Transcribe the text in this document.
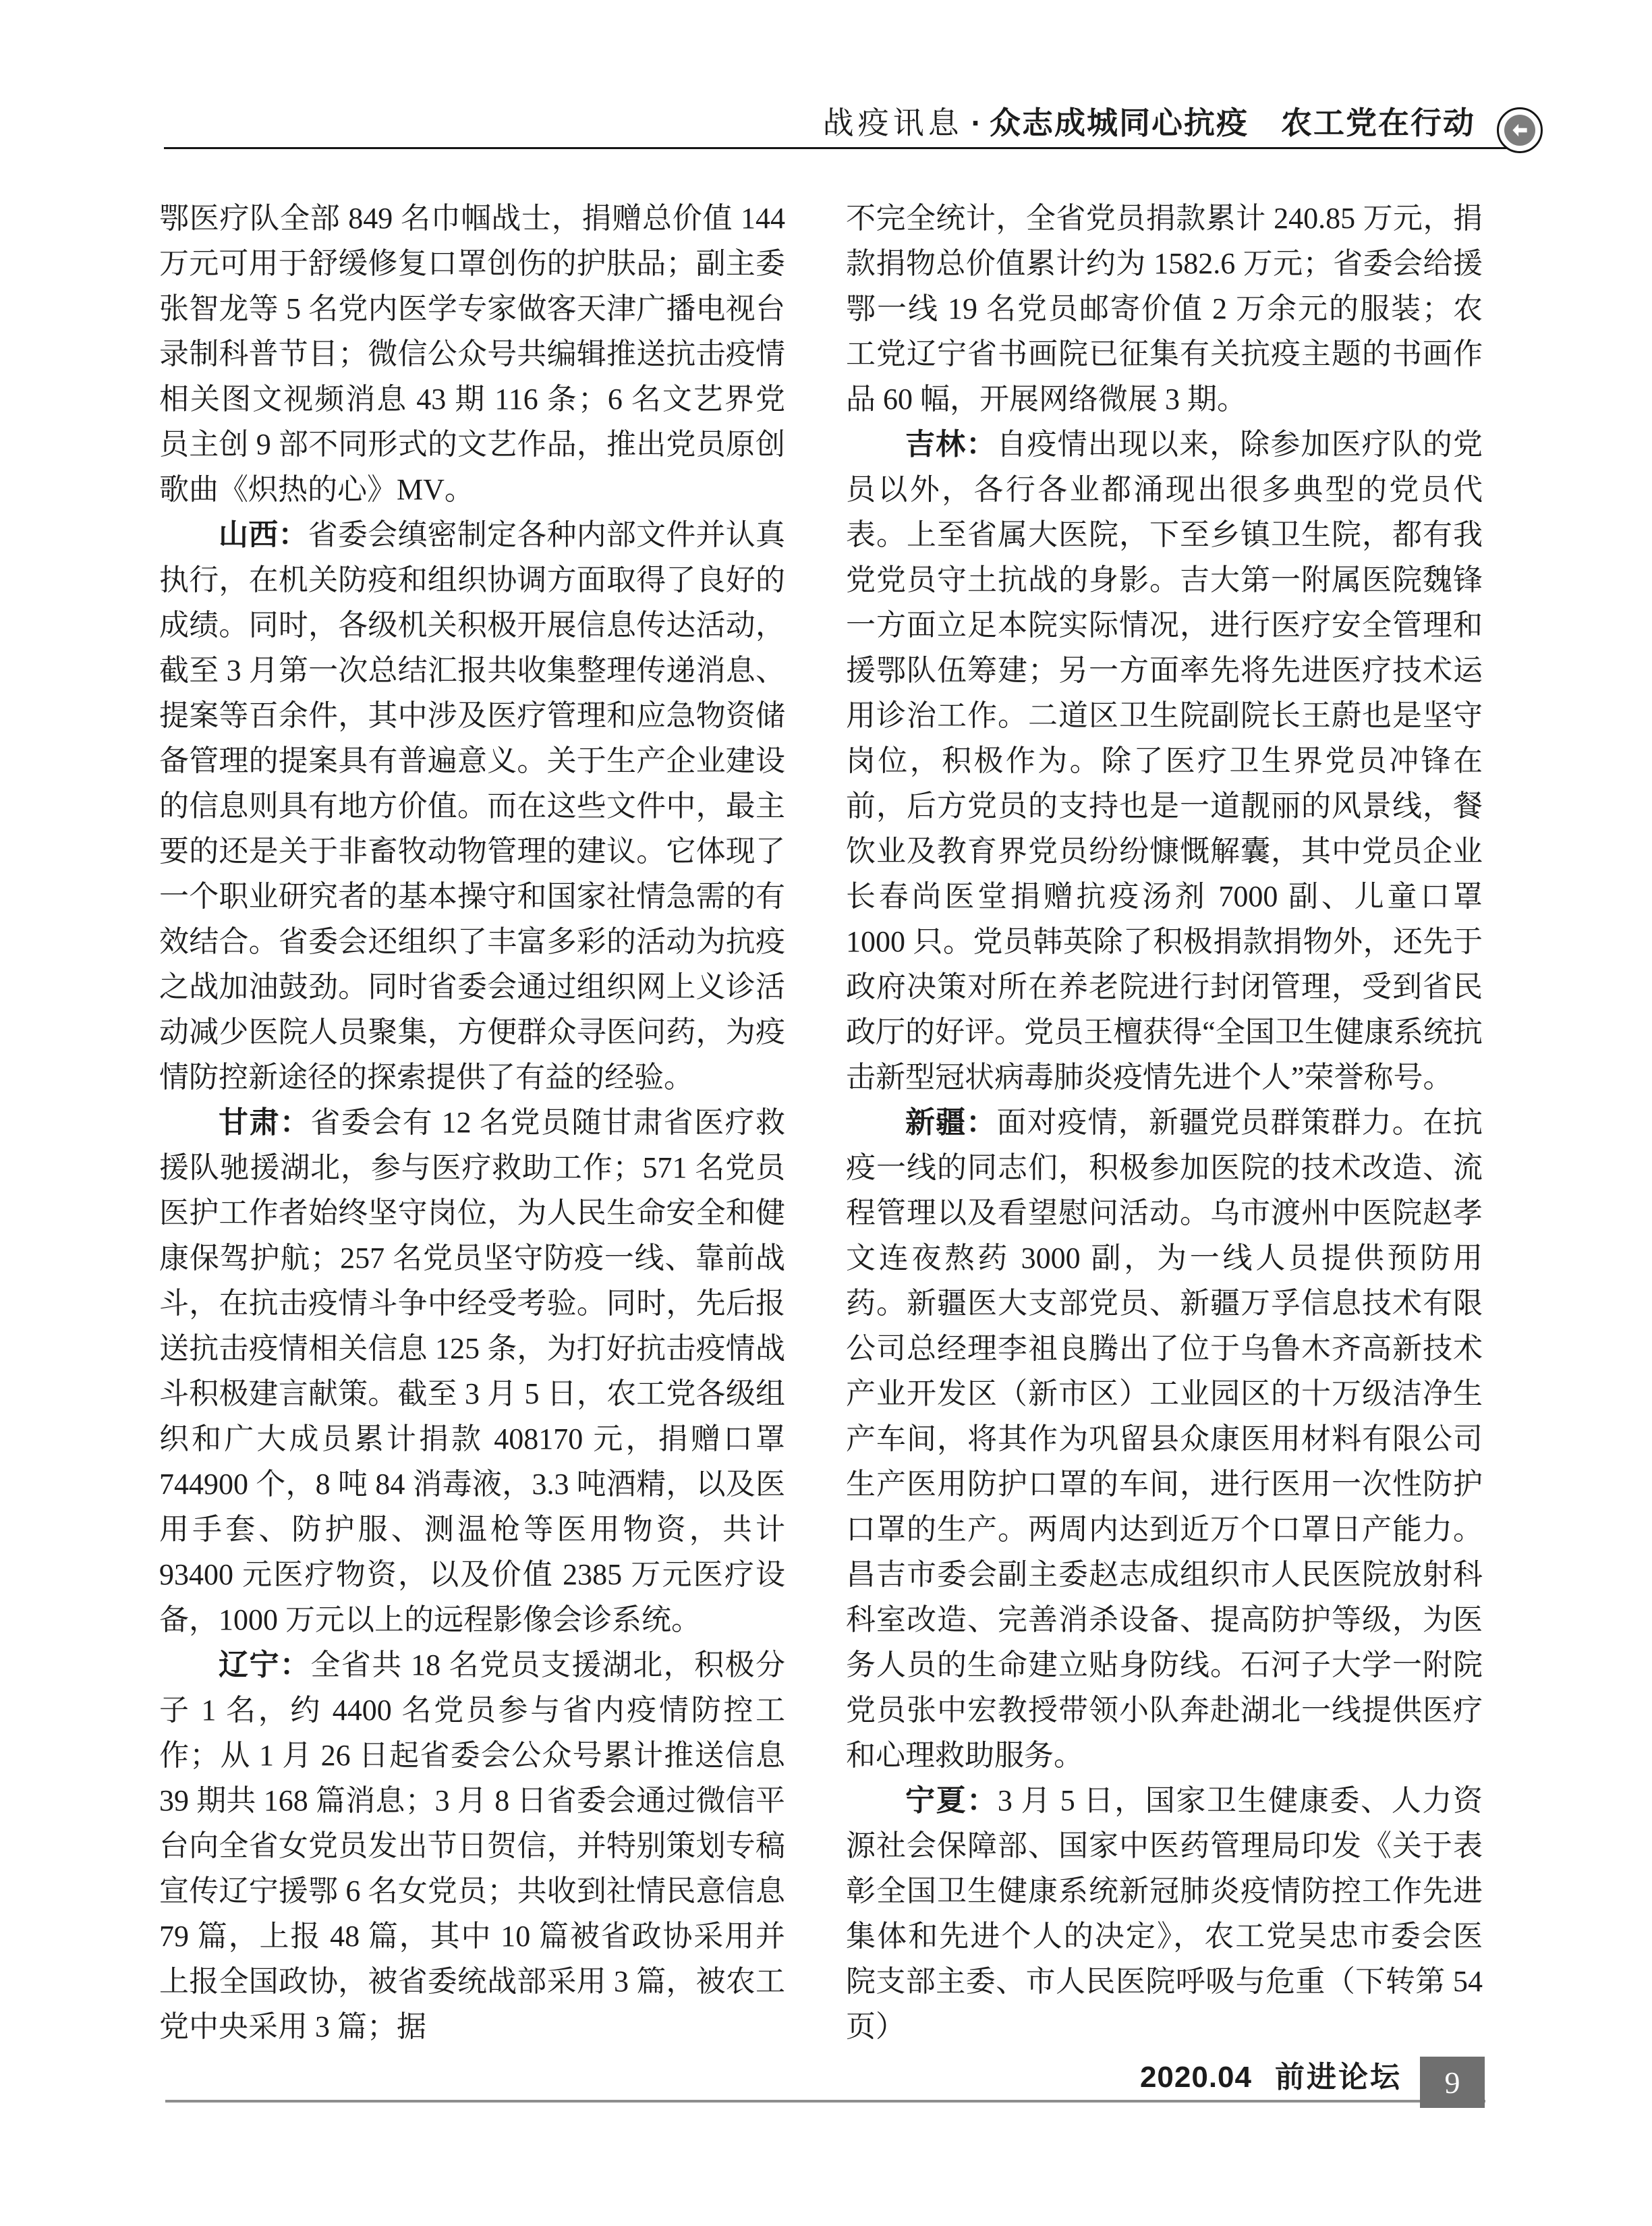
战疫讯息 · 众志成城同心抗疫　农工党在行动

鄂医疗队全部 849 名巾帼战士，捐赠总价值 144 万元可用于舒缓修复口罩创伤的护肤品；副主委张智龙等 5 名党内医学专家做客天津广播电视台录制科普节目；微信公众号共编辑推送抗击疫情相关图文视频消息 43 期 116 条；6 名文艺界党员主创 9 部不同形式的文艺作品，推出党员原创歌曲《炽热的心》MV。

山西：省委会缜密制定各种内部文件并认真执行，在机关防疫和组织协调方面取得了良好的成绩。同时，各级机关积极开展信息传达活动，截至 3 月第一次总结汇报共收集整理传递消息、提案等百余件，其中涉及医疗管理和应急物资储备管理的提案具有普遍意义。关于生产企业建设的信息则具有地方价值。而在这些文件中，最主要的还是关于非畜牧动物管理的建议。它体现了一个职业研究者的基本操守和国家社情急需的有效结合。省委会还组织了丰富多彩的活动为抗疫之战加油鼓劲。同时省委会通过组织网上义诊活动减少医院人员聚集，方便群众寻医问药，为疫情防控新途径的探索提供了有益的经验。

甘肃：省委会有 12 名党员随甘肃省医疗救援队驰援湖北，参与医疗救助工作；571 名党员医护工作者始终坚守岗位，为人民生命安全和健康保驾护航；257 名党员坚守防疫一线、靠前战斗，在抗击疫情斗争中经受考验。同时，先后报送抗击疫情相关信息 125 条，为打好抗击疫情战斗积极建言献策。截至 3 月 5 日，农工党各级组织和广大成员累计捐款 408170 元，捐赠口罩 744900 个，8 吨 84 消毒液，3.3 吨酒精，以及医用手套、防护服、测温枪等医用物资，共计 93400 元医疗物资，以及价值 2385 万元医疗设备，1000 万元以上的远程影像会诊系统。

辽宁：全省共 18 名党员支援湖北，积极分子 1 名，约 4400 名党员参与省内疫情防控工作；从 1 月 26 日起省委会公众号累计推送信息 39 期共 168 篇消息；3 月 8 日省委会通过微信平台向全省女党员发出节日贺信，并特别策划专稿宣传辽宁援鄂 6 名女党员；共收到社情民意信息 79 篇，上报 48 篇，其中 10 篇被省政协采用并上报全国政协，被省委统战部采用 3 篇，被农工党中央采用 3 篇；据

不完全统计，全省党员捐款累计 240.85 万元，捐款捐物总价值累计约为 1582.6 万元；省委会给援鄂一线 19 名党员邮寄价值 2 万余元的服装；农工党辽宁省书画院已征集有关抗疫主题的书画作品 60 幅，开展网络微展 3 期。

吉林：自疫情出现以来，除参加医疗队的党员以外，各行各业都涌现出很多典型的党员代表。上至省属大医院，下至乡镇卫生院，都有我党党员守土抗战的身影。吉大第一附属医院魏锋一方面立足本院实际情况，进行医疗安全管理和援鄂队伍筹建；另一方面率先将先进医疗技术运用诊治工作。二道区卫生院副院长王蔚也是坚守岗位，积极作为。除了医疗卫生界党员冲锋在前，后方党员的支持也是一道靓丽的风景线，餐饮业及教育界党员纷纷慷慨解囊，其中党员企业长春尚医堂捐赠抗疫汤剂 7000 副、儿童口罩 1000 只。党员韩英除了积极捐款捐物外，还先于政府决策对所在养老院进行封闭管理，受到省民政厅的好评。党员王檀获得“全国卫生健康系统抗击新型冠状病毒肺炎疫情先进个人”荣誉称号。

新疆：面对疫情，新疆党员群策群力。在抗疫一线的同志们，积极参加医院的技术改造、流程管理以及看望慰问活动。乌市渡州中医院赵孝文连夜熬药 3000 副，为一线人员提供预防用药。新疆医大支部党员、新疆万孚信息技术有限公司总经理李祖良腾出了位于乌鲁木齐高新技术产业开发区（新市区）工业园区的十万级洁净生产车间，将其作为巩留县众康医用材料有限公司生产医用防护口罩的车间，进行医用一次性防护口罩的生产。两周内达到近万个口罩日产能力。昌吉市委会副主委赵志成组织市人民医院放射科科室改造、完善消杀设备、提高防护等级，为医务人员的生命建立贴身防线。石河子大学一附院党员张中宏教授带领小队奔赴湖北一线提供医疗和心理救助服务。

宁夏：3 月 5 日，国家卫生健康委、人力资源社会保障部、国家中医药管理局印发《关于表彰全国卫生健康系统新冠肺炎疫情防控工作先进集体和先进个人的决定》，农工党吴忠市委会医院支部主委、市人民医院呼吸与危重（下转第 54 页）

2020.04 前进论坛 9
